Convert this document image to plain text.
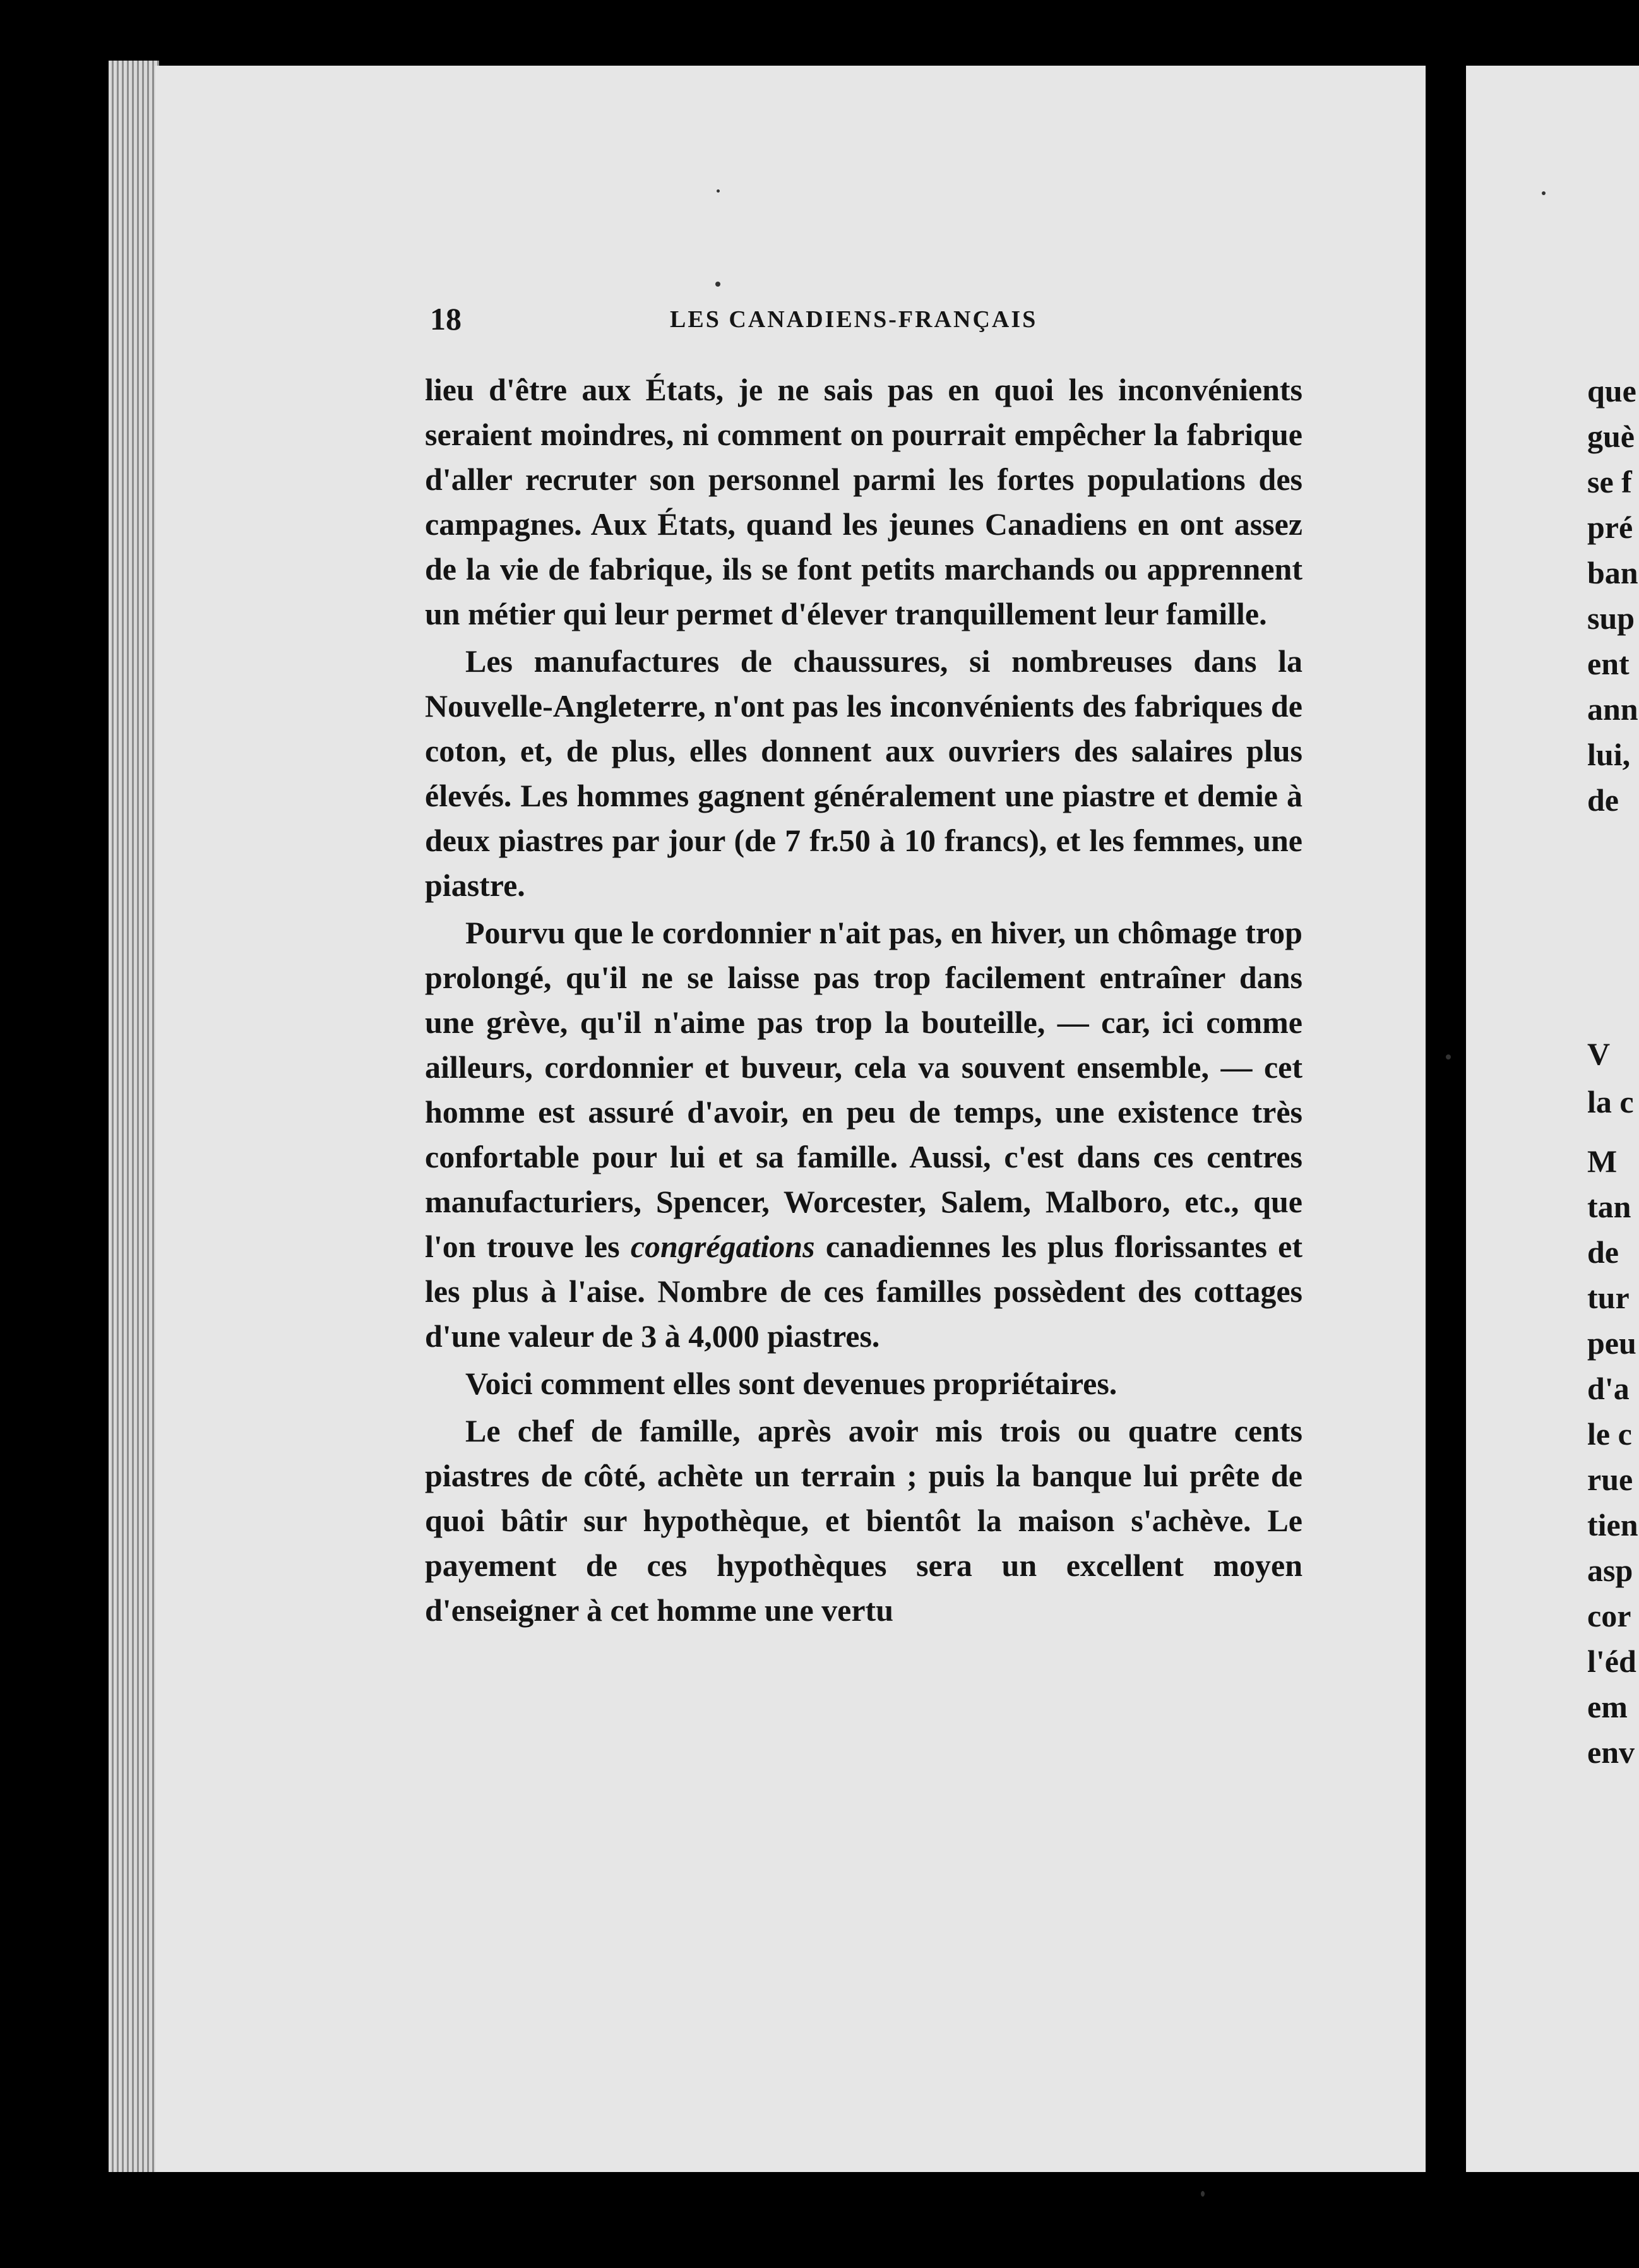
18	LES CANADIENS-FRANÇAIS

lieu d'être aux États, je ne sais pas en quoi les inconvénients seraient moindres, ni comment on pourrait empêcher la fabrique d'aller recruter son personnel parmi les fortes populations des campagnes. Aux États, quand les jeunes Canadiens en ont assez de la vie de fabrique, ils se font petits marchands ou apprennent un métier qui leur permet d'élever tranquillement leur famille.

Les manufactures de chaussures, si nombreuses dans la Nouvelle-Angleterre, n'ont pas les inconvénients des fabriques de coton, et, de plus, elles donnent aux ouvriers des salaires plus élevés. Les hommes gagnent généralement une piastre et demie à deux piastres par jour (de 7 fr.50 à 10 francs), et les femmes, une piastre.

Pourvu que le cordonnier n'ait pas, en hiver, un chômage trop prolongé, qu'il ne se laisse pas trop facilement entraîner dans une grève, qu'il n'aime pas trop la bouteille, — car, ici comme ailleurs, cordonnier et buveur, cela va souvent ensemble, — cet homme est assuré d'avoir, en peu de temps, une existence très confortable pour lui et sa famille. Aussi, c'est dans ces centres manufacturiers, Spencer, Worcester, Salem, Malboro, etc., que l'on trouve les congrégations canadiennes les plus florissantes et les plus à l'aise. Nombre de ces familles possèdent des cottages d'une valeur de 3 à 4,000 piastres.

Voici comment elles sont devenues propriétaires.

Le chef de famille, après avoir mis trois ou quatre cents piastres de côté, achète un terrain ; puis la banque lui prête de quoi bâtir sur hypothèque, et bientôt la maison s'achève. Le payement de ces hypothèques sera un excellent moyen d'enseigner à cet homme une vertu

que
guè
se f
pré
ban
sup
ent
ann
lui,
de
V
la c
M
tan
de
tur
peu
d'a
le c
rue
tien
asp
cor
l'éd
em
env
